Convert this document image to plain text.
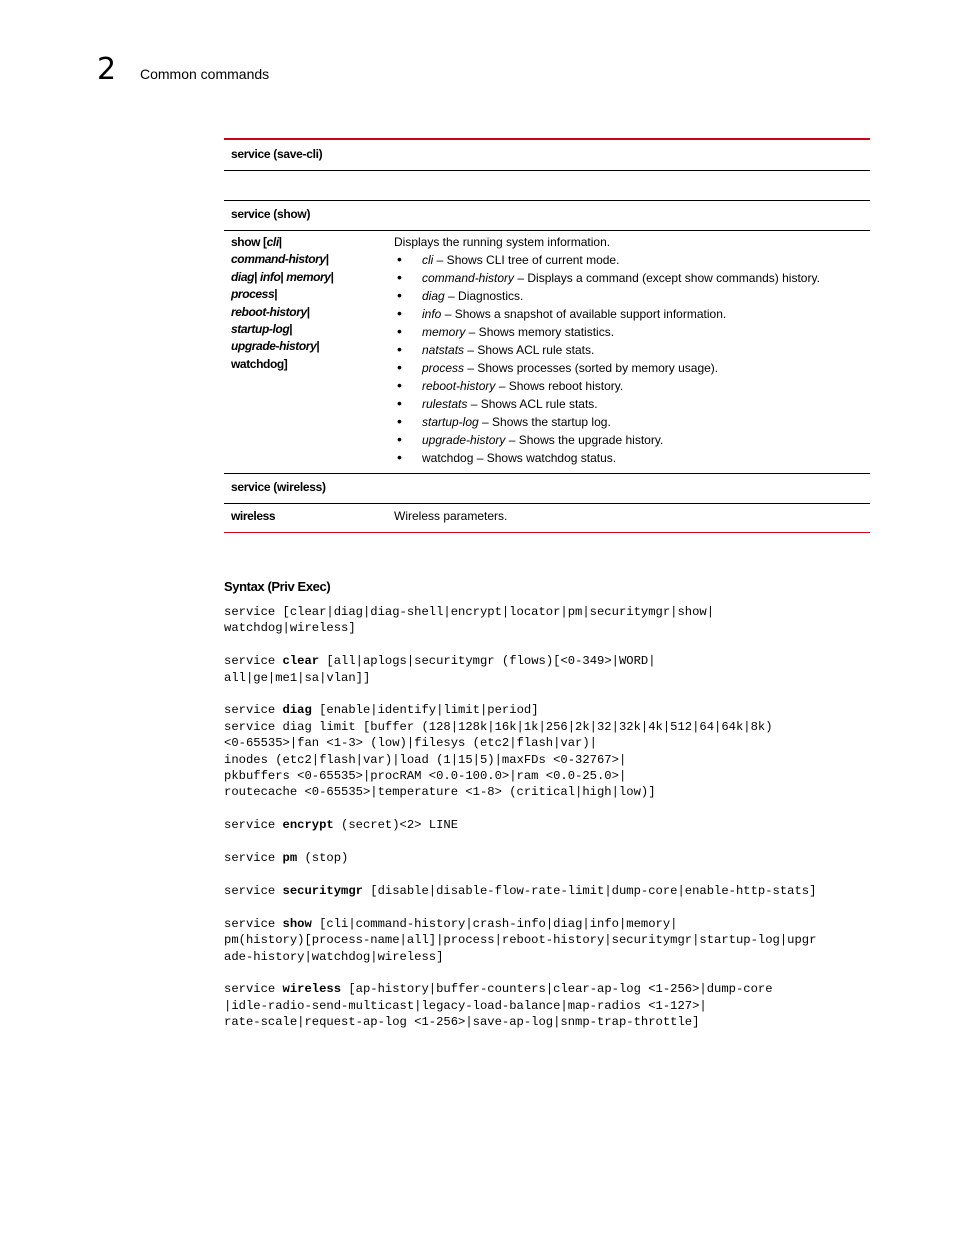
2 Common commands
service (save-cli)
service (show)
show [cli|
command-history|
diag| info| memory|
process|
reboot-history|
startup-log|
upgrade-history|
watchdog]
Displays the running system information.
• cli – Shows CLI tree of current mode.
• command-history – Displays a command (except show commands) history.
• diag – Diagnostics.
• info – Shows a snapshot of available support information.
• memory – Shows memory statistics.
• natstats – Shows ACL rule stats.
• process – Shows processes (sorted by memory usage).
• reboot-history – Shows reboot history.
• rulestats – Shows ACL rule stats.
• startup-log – Shows the startup log.
• upgrade-history – Shows the upgrade history.
• watchdog – Shows watchdog status.
service (wireless)
wireless	Wireless parameters.
Syntax (Priv Exec)
service [clear|diag|diag-shell|encrypt|locator|pm|securitymgr|show|
watchdog|wireless]

service clear [all|aplogs|securitymgr (flows)[<0-349>|WORD|
all|ge|me1|sa|vlan]]

service diag [enable|identify|limit|period]
service diag limit [buffer (128|128k|16k|1k|256|2k|32|32k|4k|512|64|64k|8k)
<0-65535>|fan <1-3> (low)|filesys (etc2|flash|var)|
inodes (etc2|flash|var)|load (1|15|5)|maxFDs <0-32767>|
pkbuffers <0-65535>|procRAM <0.0-100.0>|ram <0.0-25.0>|
routecache <0-65535>|temperature <1-8> (critical|high|low)]

service encrypt (secret)<2> LINE

service pm (stop)

service securitymgr [disable|disable-flow-rate-limit|dump-core|enable-http-stats]

service show [cli|command-history|crash-info|diag|info|memory|
pm(history)[process-name|all]|process|reboot-history|securitymgr|startup-log|upgr
ade-history|watchdog|wireless]

service wireless [ap-history|buffer-counters|clear-ap-log <1-256>|dump-core
|idle-radio-send-multicast|legacy-load-balance|map-radios <1-127>|
rate-scale|request-ap-log <1-256>|save-ap-log|snmp-trap-throttle]
